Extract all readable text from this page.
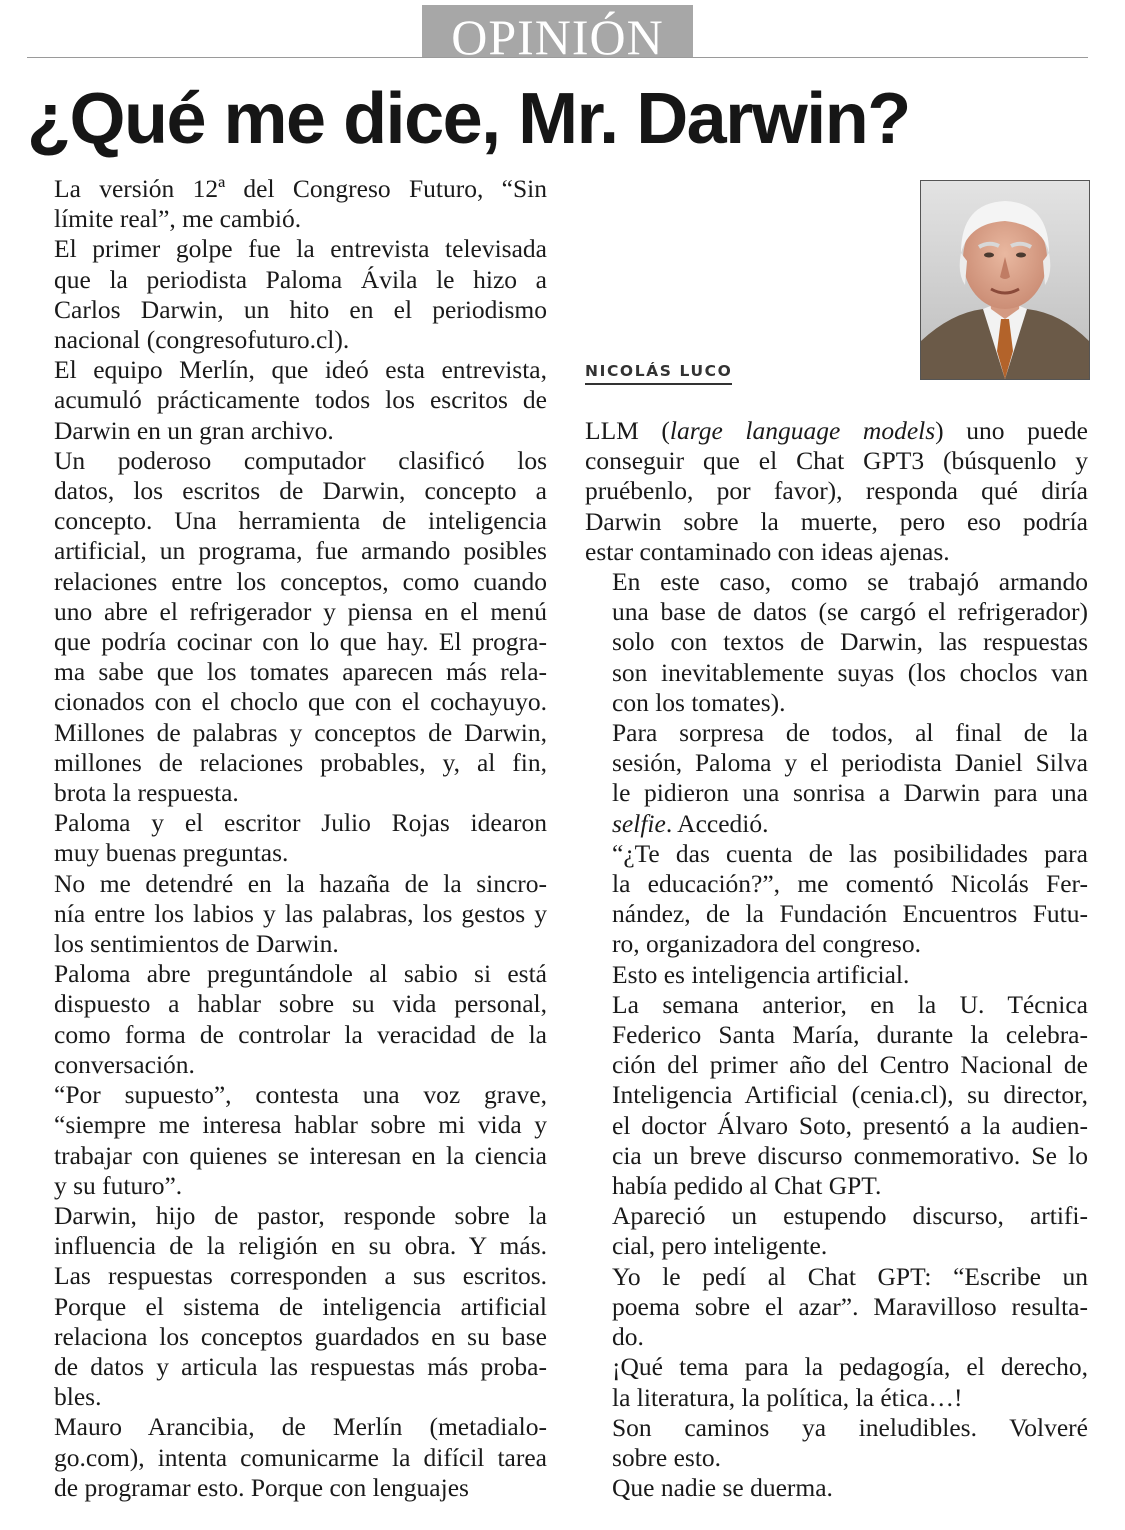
OPINIÓN
¿Qué me dice, Mr. Darwin?

La versión 12ª del Congreso Futuro, “Sin
límite real”, me cambió.

El primer golpe fue la entrevista televisada
que la periodista Paloma Ávila le hizo a
Carlos Darwin, un hito en el periodismo
nacional (congresofuturo.cl).

El equipo Merlín, que ideó esta entrevista,
acumuló prácticamente todos los escritos de
Darwin en un gran archivo.

Un poderoso computador clasificó los
datos, los escritos de Darwin, concepto a
concepto. Una herramienta de inteligencia
artificial, un programa, fue armando posibles
relaciones entre los conceptos, como cuando
uno abre el refrigerador y piensa en el menú
que podría cocinar con lo que hay. El progra-
ma sabe que los tomates aparecen más rela-
cionados con el choclo que con el cochayuyo.
Millones de palabras y conceptos de Darwin,
millones de relaciones probables, y, al fin,
brota la respuesta.

Paloma y el escritor Julio Rojas idearon
muy buenas preguntas.

No me detendré en la hazaña de la sincro-
nía entre los labios y las palabras, los gestos y
los sentimientos de Darwin.

Paloma abre preguntándole al sabio si está
dispuesto a hablar sobre su vida personal,
como forma de controlar la veracidad de la
conversación.

“Por supuesto”, contesta una voz grave,
“siempre me interesa hablar sobre mi vida y
trabajar con quienes se interesan en la ciencia
y su futuro”.

Darwin, hijo de pastor, responde sobre la
influencia de la religión en su obra. Y más.
Las respuestas corresponden a sus escritos.
Porque el sistema de inteligencia artificial
relaciona los conceptos guardados en su base
de datos y articula las respuestas más proba-
bles.

Mauro Arancibia, de Merlín (metadialo-
go.com), intenta comunicarme la difícil tarea
de programar esto. Porque con lenguajes

NICOLÁS LUCO

LLM (large language models) uno puede
conseguir que el Chat GPT3 (búsquenlo y
pruébenlo, por favor), responda qué diría
Darwin sobre la muerte, pero eso podría
estar contaminado con ideas ajenas.

En este caso, como se trabajó armando
una base de datos (se cargó el refrigerador)
solo con textos de Darwin, las respuestas
son inevitablemente suyas (los choclos van
con los tomates).

Para sorpresa de todos, al final de la
sesión, Paloma y el periodista Daniel Silva
le pidieron una sonrisa a Darwin para una
selfie. Accedió.

“¿Te das cuenta de las posibilidades para
la educación?”, me comentó Nicolás Fer-
nández, de la Fundación Encuentros Futu-
ro, organizadora del congreso.

Esto es inteligencia artificial.

La semana anterior, en la U. Técnica
Federico Santa María, durante la celebra-
ción del primer año del Centro Nacional de
Inteligencia Artificial (cenia.cl), su director,
el doctor Álvaro Soto, presentó a la audien-
cia un breve discurso conmemorativo. Se lo
había pedido al Chat GPT.

Apareció un estupendo discurso, artifi-
cial, pero inteligente.

Yo le pedí al Chat GPT: “Escribe un
poema sobre el azar”. Maravilloso resulta-
do.

¡Qué tema para la pedagogía, el derecho,
la literatura, la política, la ética…!

Son caminos ya ineludibles. Volveré
sobre esto.

Que nadie se duerma.
